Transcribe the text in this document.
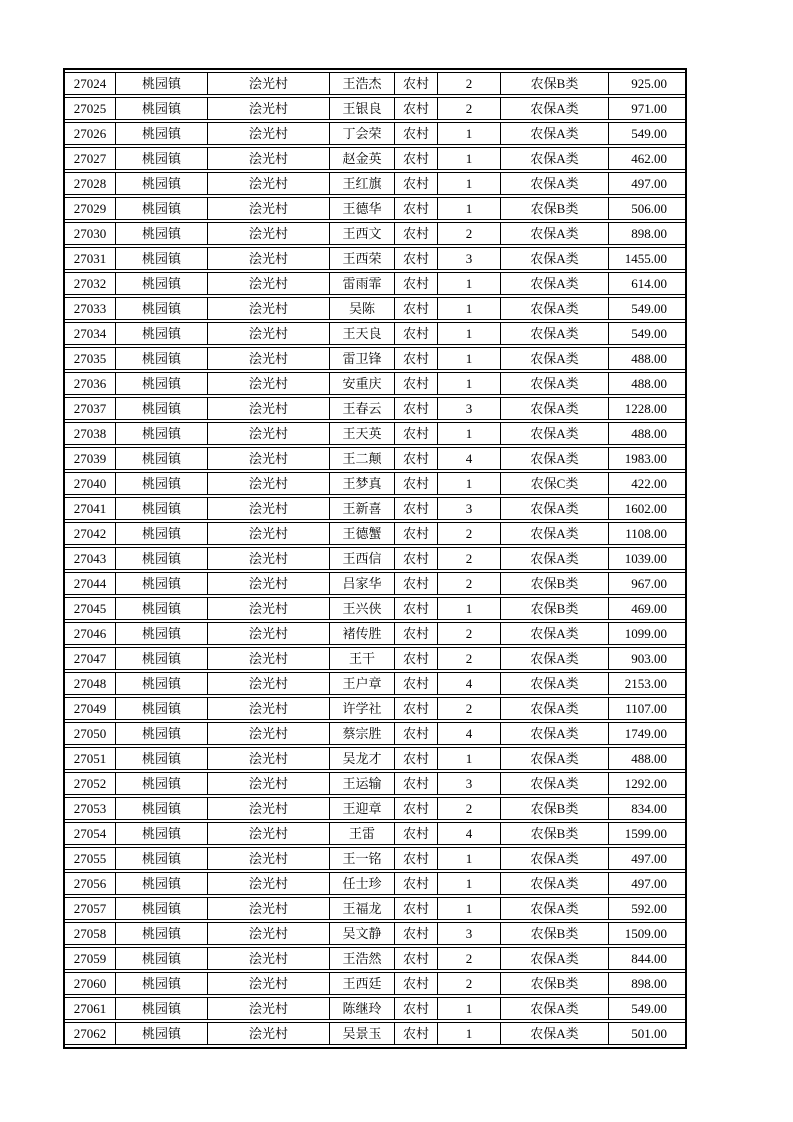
27024	桃园镇	浍光村	王浩杰	农村	2	农保B类	925.00
27025	桃园镇	浍光村	王银良	农村	2	农保A类	971.00
27026	桃园镇	浍光村	丁会荣	农村	1	农保A类	549.00
27027	桃园镇	浍光村	赵金英	农村	1	农保A类	462.00
27028	桃园镇	浍光村	王红旗	农村	1	农保A类	497.00
27029	桃园镇	浍光村	王德华	农村	1	农保B类	506.00
27030	桃园镇	浍光村	王西文	农村	2	农保A类	898.00
27031	桃园镇	浍光村	王西荣	农村	3	农保A类	1455.00
27032	桃园镇	浍光村	雷雨霏	农村	1	农保A类	614.00
27033	桃园镇	浍光村	吴陈	农村	1	农保A类	549.00
27034	桃园镇	浍光村	王天良	农村	1	农保A类	549.00
27035	桃园镇	浍光村	雷卫锋	农村	1	农保A类	488.00
27036	桃园镇	浍光村	安重庆	农村	1	农保A类	488.00
27037	桃园镇	浍光村	王春云	农村	3	农保A类	1228.00
27038	桃园镇	浍光村	王天英	农村	1	农保A类	488.00
27039	桃园镇	浍光村	王二颠	农村	4	农保A类	1983.00
27040	桃园镇	浍光村	王梦真	农村	1	农保C类	422.00
27041	桃园镇	浍光村	王新喜	农村	3	农保A类	1602.00
27042	桃园镇	浍光村	王德蟹	农村	2	农保A类	1108.00
27043	桃园镇	浍光村	王西信	农村	2	农保A类	1039.00
27044	桃园镇	浍光村	吕家华	农村	2	农保B类	967.00
27045	桃园镇	浍光村	王兴侠	农村	1	农保B类	469.00
27046	桃园镇	浍光村	褚传胜	农村	2	农保A类	1099.00
27047	桃园镇	浍光村	王干	农村	2	农保A类	903.00
27048	桃园镇	浍光村	王户章	农村	4	农保A类	2153.00
27049	桃园镇	浍光村	许学社	农村	2	农保A类	1107.00
27050	桃园镇	浍光村	蔡宗胜	农村	4	农保A类	1749.00
27051	桃园镇	浍光村	吴龙才	农村	1	农保A类	488.00
27052	桃园镇	浍光村	王运输	农村	3	农保A类	1292.00
27053	桃园镇	浍光村	王迎章	农村	2	农保B类	834.00
27054	桃园镇	浍光村	王雷	农村	4	农保B类	1599.00
27055	桃园镇	浍光村	王一铭	农村	1	农保A类	497.00
27056	桃园镇	浍光村	任士珍	农村	1	农保A类	497.00
27057	桃园镇	浍光村	王福龙	农村	1	农保A类	592.00
27058	桃园镇	浍光村	吴文静	农村	3	农保B类	1509.00
27059	桃园镇	浍光村	王浩然	农村	2	农保A类	844.00
27060	桃园镇	浍光村	王西廷	农村	2	农保B类	898.00
27061	桃园镇	浍光村	陈继玲	农村	1	农保A类	549.00
27062	桃园镇	浍光村	吴景玉	农村	1	农保A类	501.00
